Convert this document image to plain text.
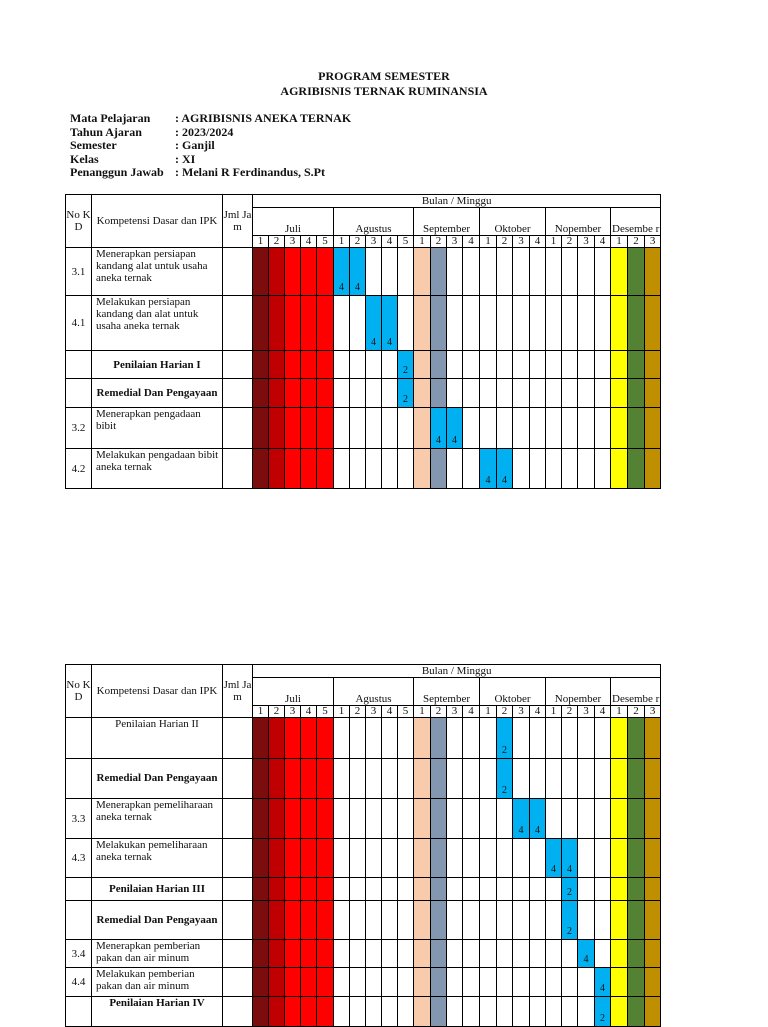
PROGRAM SEMESTER
AGRIBISNIS TERNAK RUMINANSIA
Mata Pelajaran	: AGRIBISNIS ANEKA TERNAK
Tahun Ajaran	: 2023/2024
Semester	: Ganjil
Kelas	: XI
Penanggun Jawab : Melani R Ferdinandus, S.Pt
No K D	Kompetensi Dasar dan IPK	Jml Ja m	Bulan / Minggu																								
			Juli					Agustus					September				Oktober				Nopember				Desembe r		
			1	2	3	4	5	1	2	3	4	5	1	2	3	4	1	2	3	4	1	2	3	4	1	2	3
3.1	Menerapkan persiapan kandang alat untuk usaha aneka ternak							4	4																		

4.1	Melakukan persiapan kandang dan alat untuk usaha aneka ternak									4	4																

	Penilaian Harian I											2															

	Remedial Dan Pengayaan											2															

3.2	Menerapkan pengadaan bibit													4	4												

4.2	Melakukan pengadaan bibit aneka ternak																4	4									

No K D	Kompetensi Dasar dan IPK	Jml Ja m	Bulan / Minggu																								
			Juli					Agustus					September				Oktober				Nopember				Desembe r		
			1	2	3	4	5	1	2	3	4	5	1	2	3	4	1	2	3	4	1	2	3	4	1	2	3
	Penilaian Harian II																	2									

	Remedial Dan Pengayaan																	2									

3.3	Menerapkan pemeliharaan aneka ternak																		4	4							

4.3	Melakukan pemeliharaan aneka ternak																				4	4					

	Penilaian Harian III																					2					

	Remedial Dan Pengayaan																					2					

3.4	Menerapkan pemberian pakan dan air minum																						4				

4.4	Melakukan pemberian pakan dan air minum																							4			

	Penilaian Harian IV																							2			
